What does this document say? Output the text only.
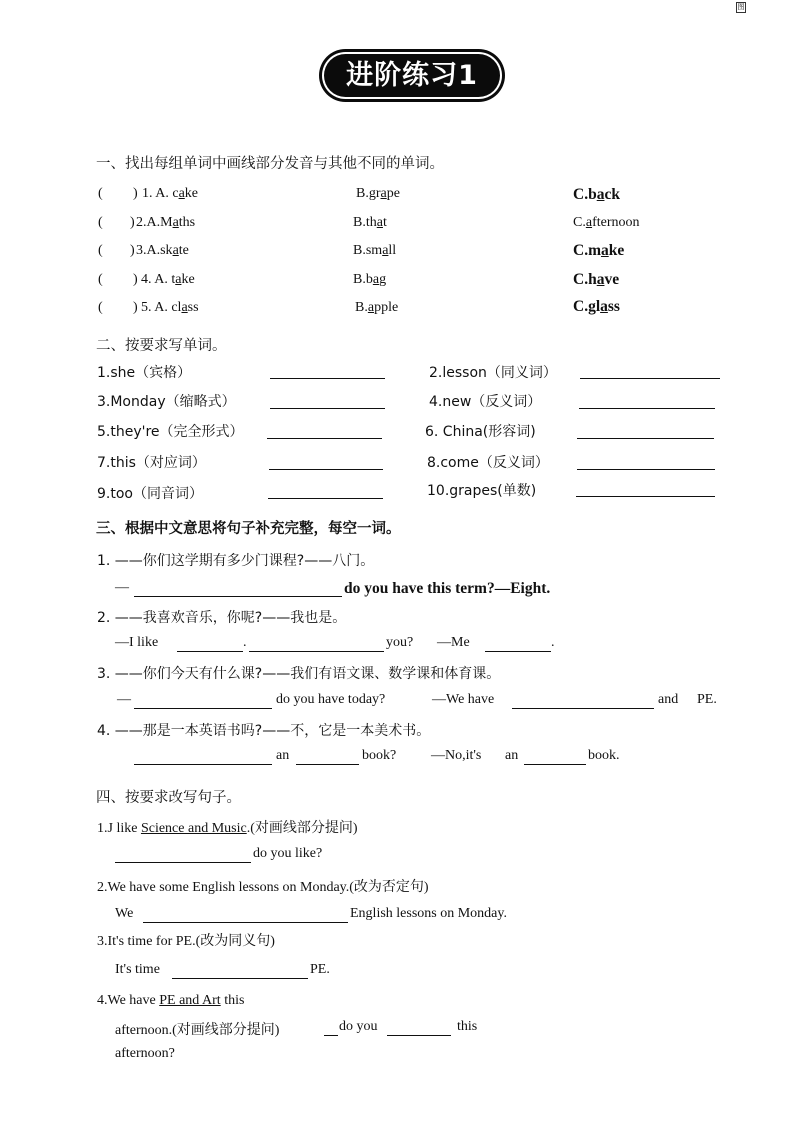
图
进阶练习1
一、找出每组单词中画线部分发音与其他不同的单词。
( ) 1. A. cake	B.grape	C.back
( ) 2.A.Maths	B.that	C.afternoon
( ) 3.A.skate	B.small	C.make
( ) 4. A. take	B.bag	C.have
( ) 5. A. class	B.apple	C.glass
二、按要求写单词。
1.she（宾格）	2.lesson（同义词）
3.Monday（缩略式）	4.new（反义词）
5.they're（完全形式）	6. China(形容词)
7.this（对应词）	8.come（反义词）
9.too（同音词）	10.grapes(单数)
三、根据中文意思将句子补充完整，每空一词。
1. ——你们这学期有多少门课程?——八门。
—	do you have this term?—Eight.
2. ——我喜欢音乐，你呢?——我也是。
—I like	.	you? —Me	.
3. ——你们今天有什么课?——我们有语文课、数学课和体育课。
—	do you have today?	—We have	and PE.
4. ——那是一本英语书吗?——不，它是一本美术书。
an	book? —No,it's an	book.
四、按要求改写句子。
1.J like Science and Music.(对画线部分提问)
do you like?
2.We have some English lessons on Monday.(改为否定句)
We	English lessons on Monday.
3.It's time for PE.(改为同义句)
It's time	PE.
4.We have PE and Art this
afternoon.(对画线部分提问)	do you	this
afternoon?
